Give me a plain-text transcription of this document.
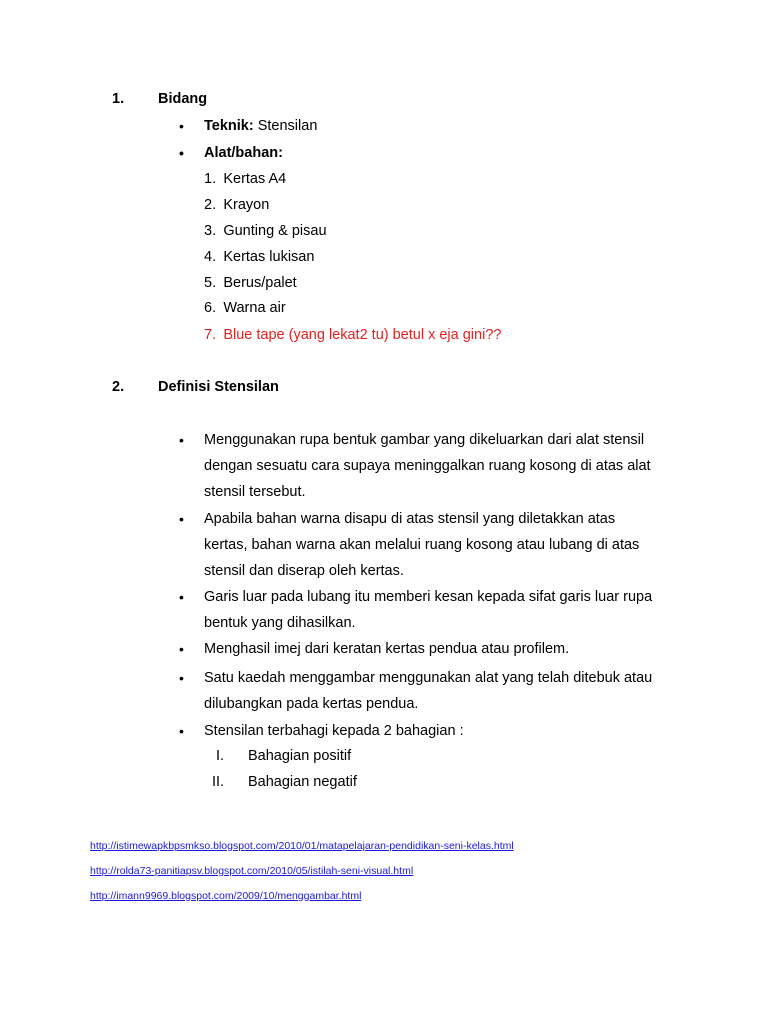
1. Bidang
• Teknik: Stensilan
• Alat/bahan:
1. Kertas A4
2. Krayon
3. Gunting & pisau
4. Kertas lukisan
5. Berus/palet
6. Warna air
7. Blue tape (yang lekat2 tu) betul x eja gini??
2. Definisi Stensilan
• Menggunakan rupa bentuk gambar yang dikeluarkan dari alat stensil
dengan sesuatu cara supaya meninggalkan ruang kosong di atas alat
stensil tersebut.
• Apabila bahan warna disapu di atas stensil yang diletakkan atas
kertas, bahan warna akan melalui ruang kosong atau lubang di atas
stensil dan diserap oleh kertas.
• Garis luar pada lubang itu memberi kesan kepada sifat garis luar rupa
bentuk yang dihasilkan.
• Menghasil imej dari keratan kertas pendua atau profilem.
• Satu kaedah menggambar menggunakan alat yang telah ditebuk atau
dilubangkan pada kertas pendua.
• Stensilan terbahagi kepada 2 bahagian :
I. Bahagian positif
II. Bahagian negatif
http://istimewapkbpsmkso.blogspot.com/2010/01/matapelajaran-pendidikan-seni-kelas.html
http://rolda73-panitiapsv.blogspot.com/2010/05/istilah-seni-visual.html
http://imann9969.blogspot.com/2009/10/menggambar.html
